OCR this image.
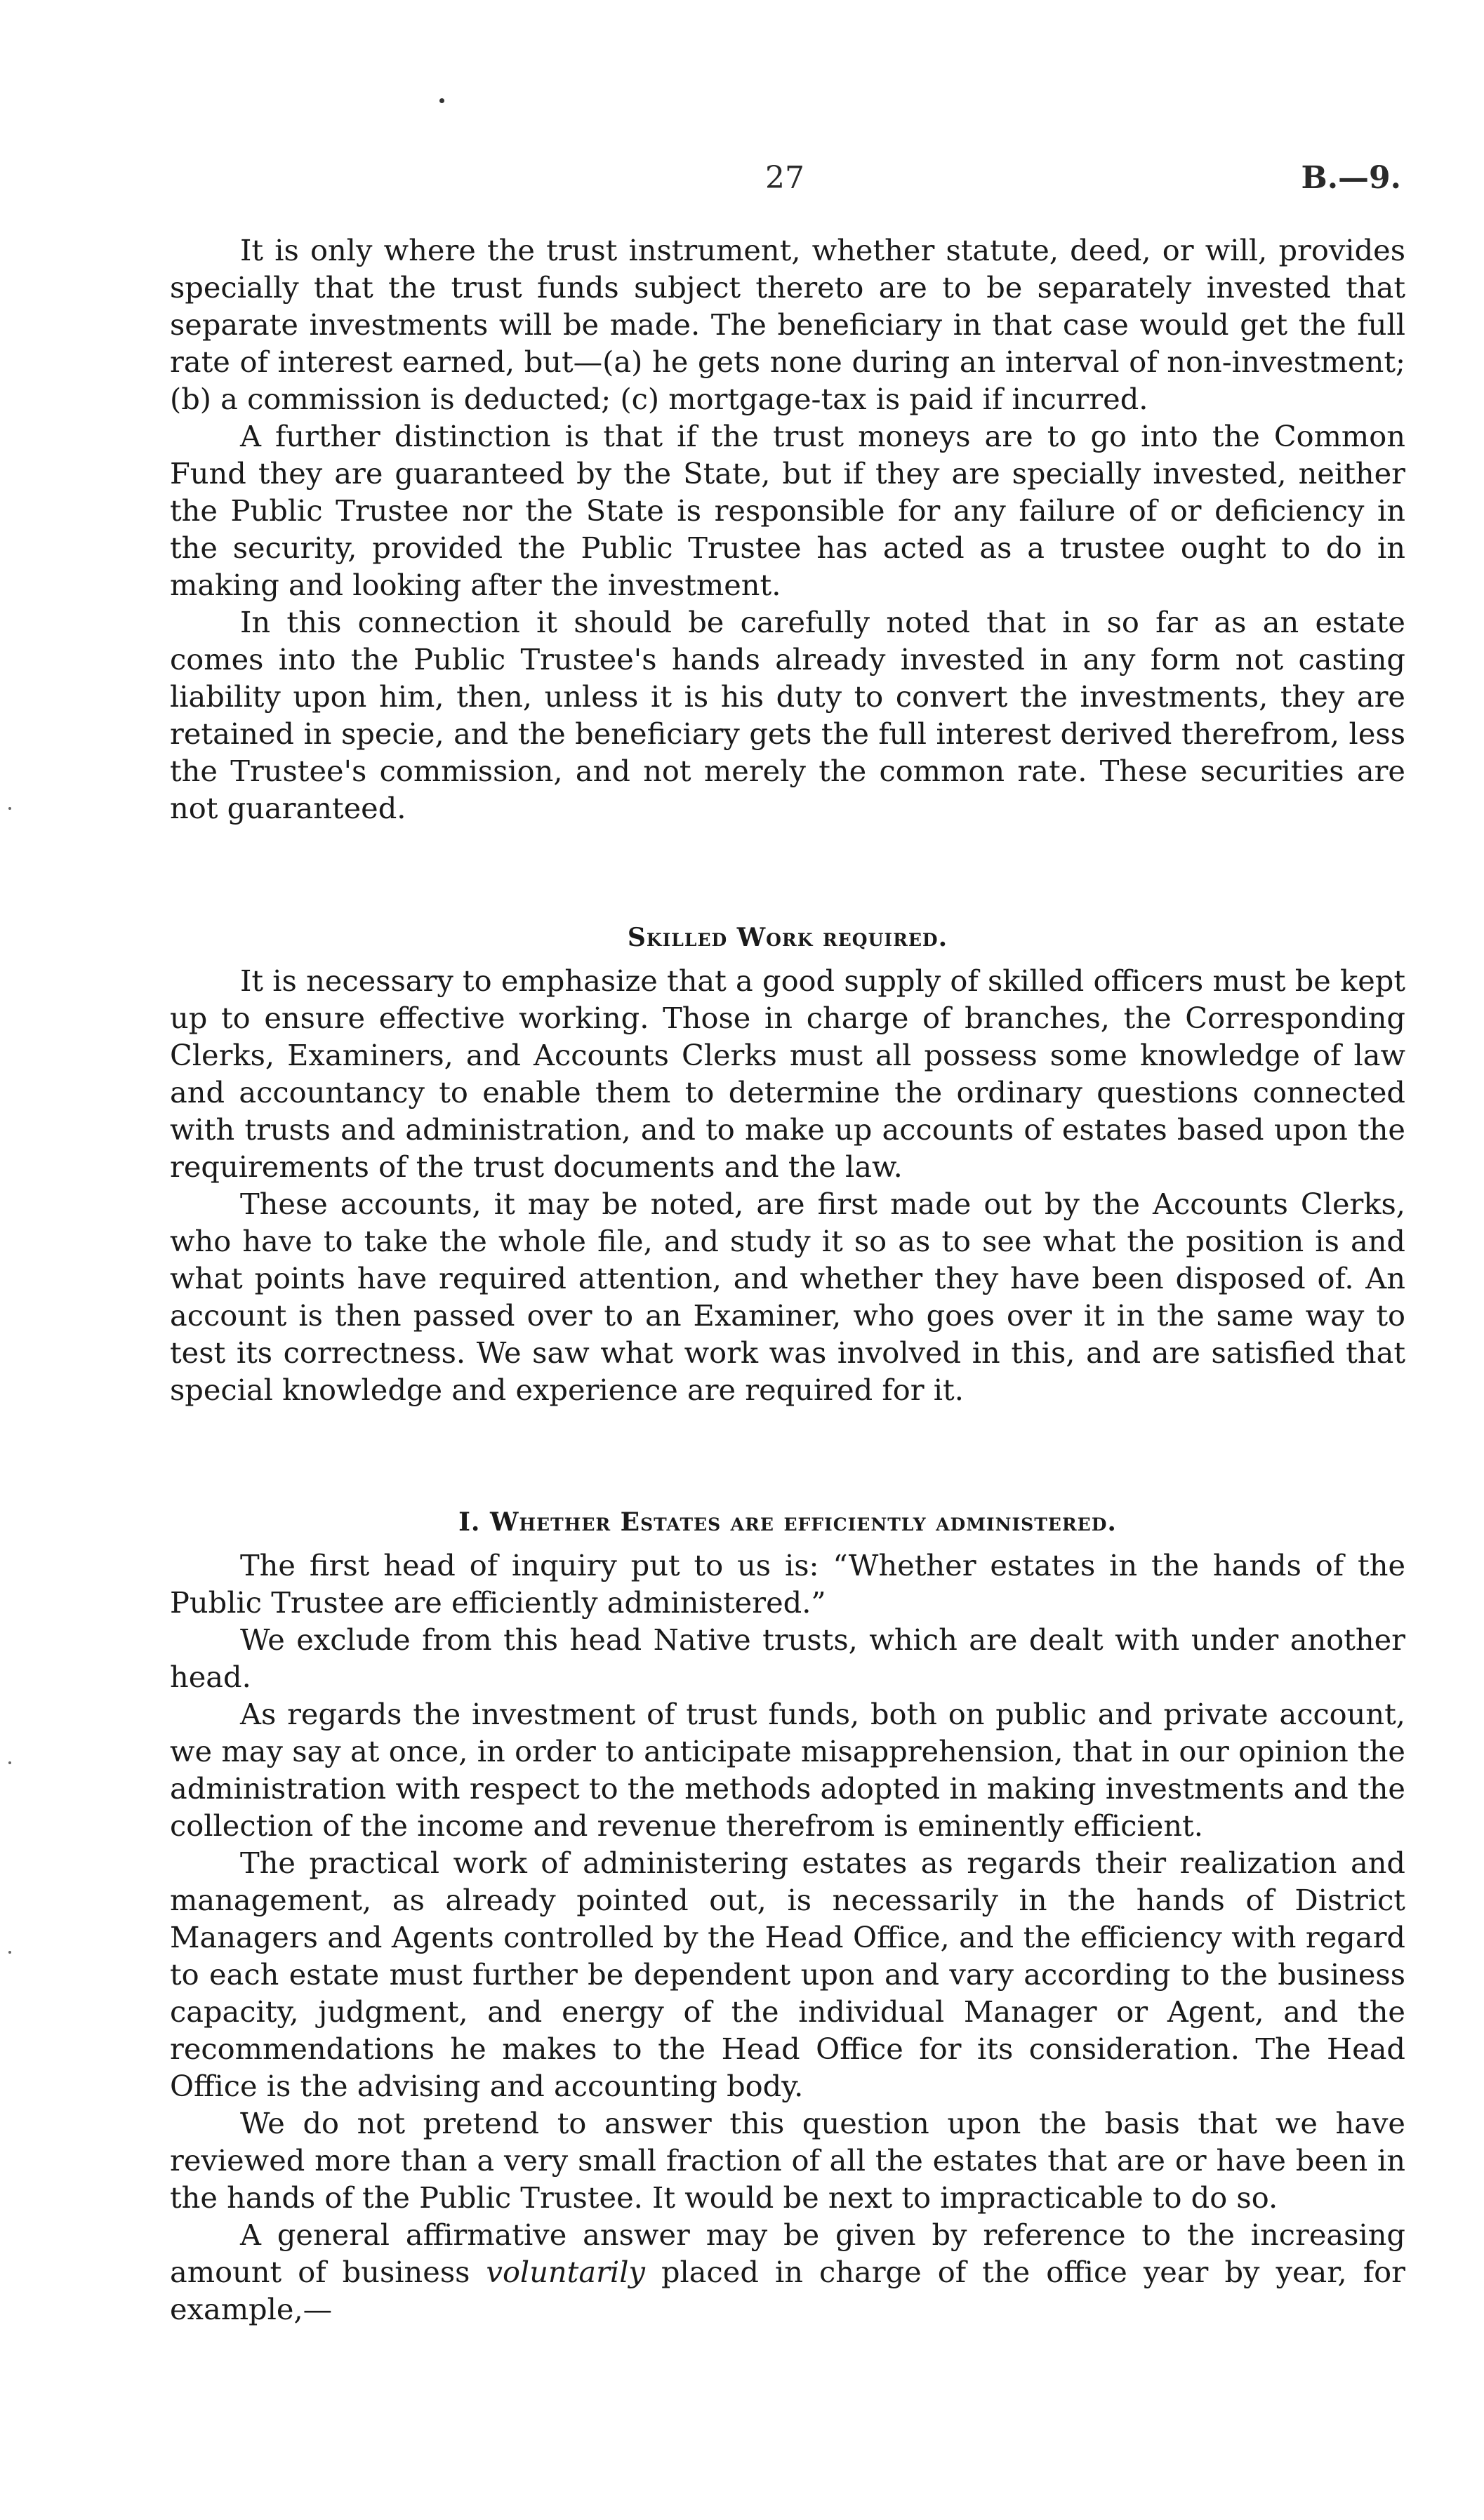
27	B.—9.

It is only where the trust instrument, whether statute, deed, or will, provides specially that the trust funds subject thereto are to be separately invested that separate investments will be made. The beneficiary in that case would get the full rate of interest earned, but—(a) he gets none during an interval of non-investment; (b) a commission is deducted; (c) mortgage-tax is paid if incurred.

A further distinction is that if the trust moneys are to go into the Common Fund they are guaranteed by the State, but if they are specially invested, neither the Public Trustee nor the State is responsible for any failure of or deficiency in the security, provided the Public Trustee has acted as a trustee ought to do in making and looking after the investment.

In this connection it should be carefully noted that in so far as an estate comes into the Public Trustee's hands already invested in any form not casting liability upon him, then, unless it is his duty to convert the investments, they are retained in specie, and the beneficiary gets the full interest derived therefrom, less the Trustee's commission, and not merely the common rate. These securities are not guaranteed.

Skilled Work required.

It is necessary to emphasize that a good supply of skilled officers must be kept up to ensure effective working. Those in charge of branches, the Corresponding Clerks, Examiners, and Accounts Clerks must all possess some knowledge of law and accountancy to enable them to determine the ordinary questions connected with trusts and administration, and to make up accounts of estates based upon the requirements of the trust documents and the law.

These accounts, it may be noted, are first made out by the Accounts Clerks, who have to take the whole file, and study it so as to see what the position is and what points have required attention, and whether they have been disposed of. An account is then passed over to an Examiner, who goes over it in the same way to test its correctness. We saw what work was involved in this, and are satisfied that special knowledge and experience are required for it.

I. Whether Estates are efficiently administered.

The first head of inquiry put to us is: “Whether estates in the hands of the Public Trustee are efficiently administered.”

We exclude from this head Native trusts, which are dealt with under another head.

As regards the investment of trust funds, both on public and private account, we may say at once, in order to anticipate misapprehension, that in our opinion the administration with respect to the methods adopted in making investments and the collection of the income and revenue therefrom is eminently efficient.

The practical work of administering estates as regards their realization and management, as already pointed out, is necessarily in the hands of District Managers and Agents controlled by the Head Office, and the efficiency with regard to each estate must further be dependent upon and vary according to the business capacity, judgment, and energy of the individual Manager or Agent, and the recommendations he makes to the Head Office for its consideration. The Head Office is the advising and accounting body.

We do not pretend to answer this question upon the basis that we have reviewed more than a very small fraction of all the estates that are or have been in the hands of the Public Trustee. It would be next to impracticable to do so.

A general affirmative answer may be given by reference to the increasing amount of business voluntarily placed in charge of the office year by year, for example,—
